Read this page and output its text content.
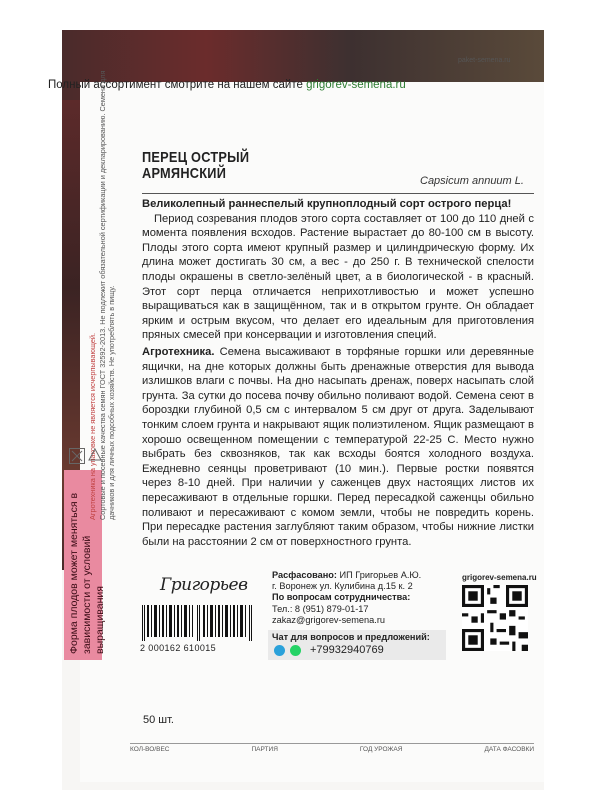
paket-semena.ru
Полный ассортимент смотрите на нашем сайте grigorev-semena.ru
ПЕРЕЦ ОСТРЫЙ
АРМЯНСКИЙ	Capsicum annuum L.

Великолепный раннеспелый крупноплодный сорт острого перца!

Период созревания плодов этого сорта составляет от 100 до 110 дней с момента появления всходов. Растение вырастает до 80-100 см в высоту. Плоды этого сорта имеют крупный размер и цилиндрическую форму. Их длина может достигать 30 см, а вес - до 250 г. В технической спелости плоды окрашены в светло-зелёный цвет, а в биологической - в красный. Этот сорт перца отличается неприхотливостью и может успешно выращиваться как в защищённом, так и в открытом грунте. Он обладает ярким и острым вкусом, что делает его идеальным для приготовления пряных смесей при консервации и изготовления специй.

Агротехника. Семена высаживают в торфяные горшки или деревянные ящички, на дне которых должны быть дренажные отверстия для вывода излишков влаги с почвы. На дно насыпать дренаж, поверх насыпать слой грунта. За сутки до посева почву обильно поливают водой. Семена сеют в бороздки глубиной 0,5 см с интервалом 5 см друг от друга. Заделывают тонким слоем грунта и накрывают ящик полиэтиленом. Ящик размещают в хорошо освещенном помещении с температурой 22-25 С. Место нужно выбрать без сквозняков, так как всходы боятся холодного воздуха. Ежедневно сеянцы проветривают (10 мин.). Первые ростки появятся через 8-10 дней. При наличии у саженцев двух настоящих листов их пересаживают в отдельные горшки. Перед пересадкой саженцы обильно поливают и пересаживают с комом земли, чтобы не повредить корень. При пересадке растения заглубляют таким образом, чтобы нижние листки были на расстоянии 2 см от поверхностного грунта.
Форма плодов может меняться в зависимости от условий выращивания
Агротехника на упаковке не является исчерпывающей. Сортовые и посевные качества семян ГОСТ 32592-2013. Не подлежит обязательной сертификации и декларированию. Семена для дачников и для личных подсобных хозяйств. Не употреблять в пищу.
Григорьев
2 000162 610015
Расфасовано: ИП Григорьев А.Ю.
г. Воронеж ул. Кулибина д.15 к. 2
По вопросам сотрудничества:
Тел.: 8 (951) 879-01-17
zakaz@grigorev-semena.ru
Чат для вопросов и предложений:
+79932940769
grigorev-semena.ru
50 шт.
КОЛ-ВО/ВЕС	ПАРТИЯ	ГОД УРОЖАЯ	ДАТА ФАСОВКИ
